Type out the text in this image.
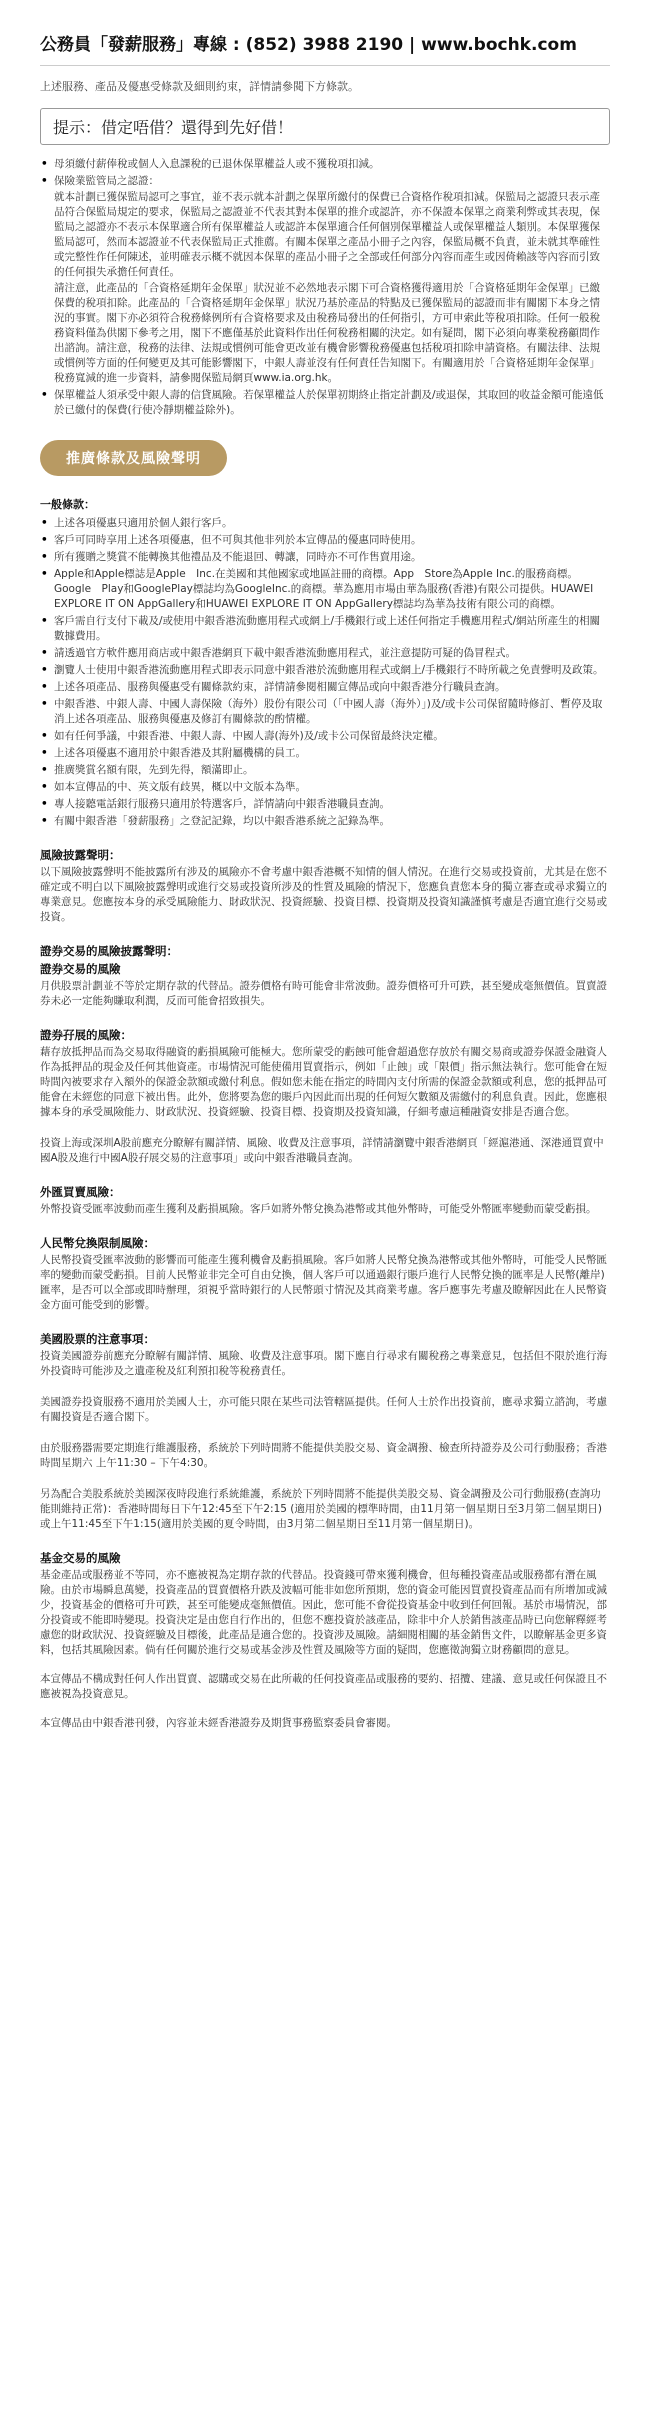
公務員「發薪服務」專線 : (852) 3988 2190 | www.bochk.com
上述服務、產品及優惠受條款及細則約束，詳情請參閱下方條款。
提示：借定唔借？還得到先好借！

• 母須繳付薪俸稅或個人入息課稅的已退休保單權益人或不獲稅項扣減。

• 保險業監管局之認證：

就本計劃已獲保監局認可之事宜，並不表示就本計劃之保單所繳付的保費已合資格作稅項扣減。保監局之認證只表示產品符合保監局規定的要求，保監局之認證並不代表其對本保單的推介或認許，亦不保證本保單之商業利弊或其表現，保監局之認證亦不表示本保單適合所有保單權益人或認許本保單適合任何個別保單權益人或保單權益人類別。本保單獲保監局認可，然而本認證並不代表保監局正式推薦。有關本保單之產品小冊子之內容，保監局概不負責，並未就其準確性或完整性作任何陳述，並明確表示概不就因本保單的產品小冊子之全部或任何部分內容而產生或因倚賴該等內容而引致的任何損失承擔任何責任。

請注意，此產品的「合資格延期年金保單」狀況並不必然地表示閣下可合資格獲得適用於「合資格延期年金保單」已繳保費的稅項扣除。此產品的「合資格延期年金保單」狀況乃基於產品的特點及已獲保監局的認證而非有關閣下本身之情況的事實。閣下亦必須符合稅務條例所有合資格要求及由稅務局發出的任何指引，方可申索此等稅項扣除。任何一般稅務資料僅為供閣下參考之用，閣下不應僅基於此資料作出任何稅務相關的決定。如有疑問，閣下必須向專業稅務顧問作出諮詢。請注意，稅務的法律、法規或慣例可能會更改並有機會影響稅務優惠包括稅項扣除申請資格。有關法律、法規或慣例等方面的任何變更及其可能影響閣下，中銀人壽並沒有任何責任告知閣下。有關適用於「合資格延期年金保單」稅務寬減的進一步資料，請參閱保監局網頁www.ia.org.hk。

• 保單權益人須承受中銀人壽的信貸風險。若保單權益人於保單初期終止指定計劃及/或退保，其取回的收益金額可能遠低於已繳付的保費(行使冷靜期權益除外)。

推廣條款及風險聲明
一般條款：
• 上述各項優惠只適用於個人銀行客戶。
• 客戶可同時享用上述各項優惠，但不可與其他非列於本宣傳品的優惠同時使用。
• 所有獲贈之獎賞不能轉換其他禮品及不能退回、轉讓，同時亦不可作售賣用途。
• Apple和Apple標誌是Apple　Inc.在美國和其他國家或地區註冊的商標。App　Store為Apple Inc.的服務商標。Google　Play和GooglePlay標誌均為GoogleInc.的商標。華為應用市場由華為服務(香港)有限公司提供。HUAWEI EXPLORE IT ON AppGallery和HUAWEI EXPLORE IT ON AppGallery標誌均為華為技術有限公司的商標。
• 客戶需自行支付下載及/或使用中銀香港流動應用程式或網上/手機銀行或上述任何指定手機應用程式/網站所產生的相關數據費用。
• 請透過官方軟件應用商店或中銀香港網頁下載中銀香港流動應用程式，並注意提防可疑的偽冒程式。
• 瀏覽人士使用中銀香港流動應用程式即表示同意中銀香港於流動應用程式或網上/手機銀行不時所載之免責聲明及政策。
• 上述各項產品、服務與優惠受有關條款約束，詳情請參閱相關宣傳品或向中銀香港分行職員查詢。
• 中銀香港、中銀人壽、中國人壽保險（海外）股份有限公司（「中國人壽（海外）」)及/或卡公司保留隨時修訂、暫停及取消上述各項產品、服務與優惠及修訂有關條款的酌情權。
• 如有任何爭議，中銀香港、中銀人壽、中國人壽(海外)及/或卡公司保留最終決定權。
• 上述各項優惠不適用於中銀香港及其附屬機構的員工。
• 推廣獎賞名額有限，先到先得，額滿即止。
• 如本宣傳品的中、英文版有歧異，概以中文版本為準。
• 專人接聽電話銀行服務只適用於特選客戶，詳情請向中銀香港職員查詢。
• 有關中銀香港「發薪服務」之登記記錄，均以中銀香港系統之記錄為準。
風險披露聲明：

以下風險披露聲明不能披露所有涉及的風險亦不會考慮中銀香港概不知情的個人情況。在進行交易或投資前，尤其是在您不確定或不明白以下風險披露聲明或進行交易或投資所涉及的性質及風險的情況下，您應負責您本身的獨立審查或尋求獨立的專業意見。您應按本身的承受風險能力、財政狀況、投資經驗、投資目標、投資期及投資知識謹慎考慮是否適宜進行交易或投資。

證券交易的風險披露聲明：
證券交易的風險

月供股票計劃並不等於定期存款的代替品。證券價格有時可能會非常波動。證券價格可升可跌，甚至變成毫無價值。買賣證券未必一定能夠賺取利潤，反而可能會招致損失。

證券孖展的風險：

藉存放抵押品而為交易取得融資的虧損風險可能極大。您所蒙受的虧蝕可能會超過您存放於有關交易商或證券保證金融資人作為抵押品的現金及任何其他資產。市場情況可能使備用買賣指示，例如「止蝕」或「限價」指示無法執行。您可能會在短時間內被要求存入額外的保證金款額或繳付利息。假如您未能在指定的時間內支付所需的保證金款額或利息，您的抵押品可能會在未經您的同意下被出售。此外，您將要為您的賬戶內因此而出現的任何短欠數額及需繳付的利息負責。因此，您應根據本身的承受風險能力、財政狀況、投資經驗、投資目標、投資期及投資知識，仔細考慮這種融資安排是否適合您。

投資上海或深圳A股前應充分瞭解有關詳情、風險、收費及注意事項，詳情請瀏覽中銀香港網頁「經滬港通、深港通買賣中國A股及進行中國A股孖展交易的注意事項」或向中銀香港職員查詢。

外匯買賣風險：

外幣投資受匯率波動而產生獲利及虧損風險。客戶如將外幣兌換為港幣或其他外幣時，可能受外幣匯率變動而蒙受虧損。

人民幣兌換限制風險：

人民幣投資受匯率波動的影響而可能產生獲利機會及虧損風險。客戶如將人民幣兌換為港幣或其他外幣時，可能受人民幣匯率的變動而蒙受虧損。目前人民幣並非完全可自由兌換，個人客戶可以通過銀行賬戶進行人民幣兌換的匯率是人民幣(離岸)匯率，是否可以全部或即時辦理，須視乎當時銀行的人民幣頭寸情況及其商業考慮。客戶應事先考慮及瞭解因此在人民幣資金方面可能受到的影響。

美國股票的注意事項：

投資美國證券前應充分瞭解有關詳情、風險、收費及注意事項。閣下應自行尋求有關稅務之專業意見，包括但不限於進行海外投資時可能涉及之遺產稅及紅利預扣稅等稅務責任。

美國證券投資服務不適用於美國人士，亦可能只限在某些司法管轄區提供。任何人士於作出投資前，應尋求獨立諮詢，考慮有關投資是否適合閣下。

由於服務器需要定期進行維護服務，系統於下列時間將不能提供美股交易、資金調撥、檢查所持證券及公司行動服務；香港時間星期六 上午11:30 – 下午4:30。

另為配合美股系統於美國深夜時段進行系統維護，系統於下列時間將不能提供美股交易、資金調撥及公司行動服務(查詢功能則維持正常)：香港時間每日下午12:45至下午2:15 (適用於美國的標準時間，由11月第一個星期日至3月第二個星期日)或上午11:45至下午1:15(適用於美國的夏令時間，由3月第二個星期日至11月第一個星期日)。

基金交易的風險

基金產品或服務並不等同，亦不應被視為定期存款的代替品。投資錢可帶來獲利機會，但每種投資產品或服務都有潛在風險。由於市場瞬息萬變，投資產品的買賣價格升跌及波幅可能非如您所預期，您的資金可能因買賣投資產品而有所增加或減少，投資基金的價格可升可跌，甚至可能變成毫無價值。因此，您可能不會從投資基金中收到任何回報。基於市場情況，部分投資或不能即時變現。投資決定是由您自行作出的，但您不應投資於該產品，除非中介人於銷售該產品時已向您解釋經考慮您的財政狀況、投資經驗及目標後，此產品是適合您的。投資涉及風險。請細閱相關的基金銷售文件，以瞭解基金更多資料，包括其風險因素。倘有任何關於進行交易或基金涉及性質及風險等方面的疑問，您應徵詢獨立財務顧問的意見。

本宣傳品不構成對任何人作出買賣、認購或交易在此所載的任何投資產品或服務的要約、招攬、建議、意見或任何保證且不應被視為投資意見。

本宣傳品由中銀香港刊發，內容並未經香港證券及期貨事務監察委員會審閱。
